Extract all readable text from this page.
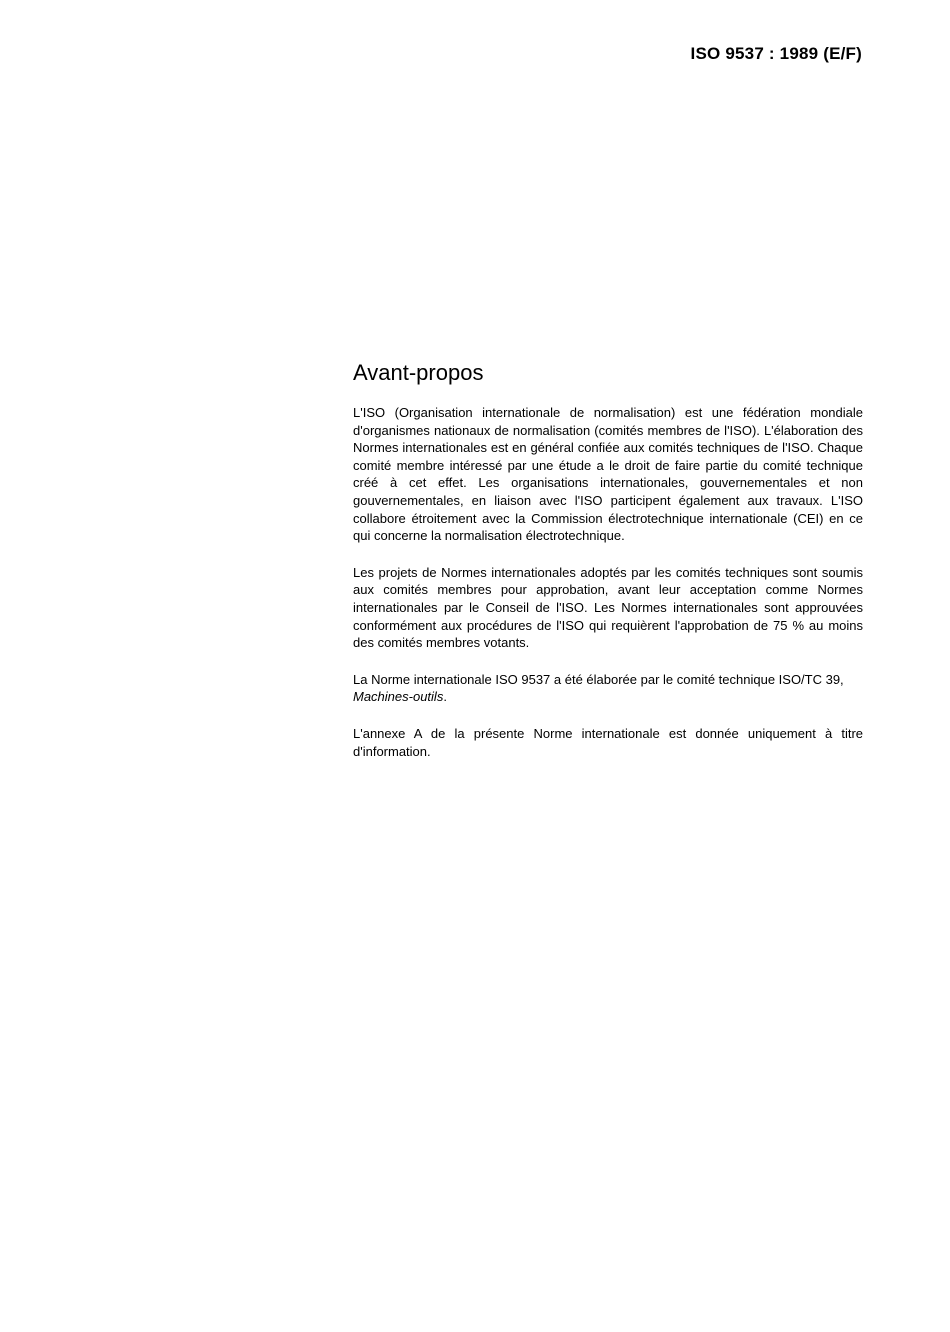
ISO 9537 : 1989 (E/F)
Avant-propos

L'ISO (Organisation internationale de normalisation) est une fédération mondiale d'organismes nationaux de normalisation (comités membres de l'ISO). L'élaboration des Normes internationales est en général confiée aux comités techniques de l'ISO. Chaque comité membre intéressé par une étude a le droit de faire partie du comité technique créé à cet effet. Les organisations internationales, gouvernementales et non gouvernementales, en liaison avec l'ISO participent également aux travaux. L'ISO collabore étroitement avec la Commission électrotechnique internationale (CEI) en ce qui concerne la normalisation électrotechnique.

Les projets de Normes internationales adoptés par les comités techniques sont soumis aux comités membres pour approbation, avant leur acceptation comme Normes internationales par le Conseil de l'ISO. Les Normes internationales sont approuvées conformément aux procédures de l'ISO qui requièrent l'approbation de 75 % au moins des comités membres votants.

La Norme internationale ISO 9537 a été élaborée par le comité technique ISO/TC 39,
Machines-outils.

L'annexe A de la présente Norme internationale est donnée uniquement à titre d'information.
